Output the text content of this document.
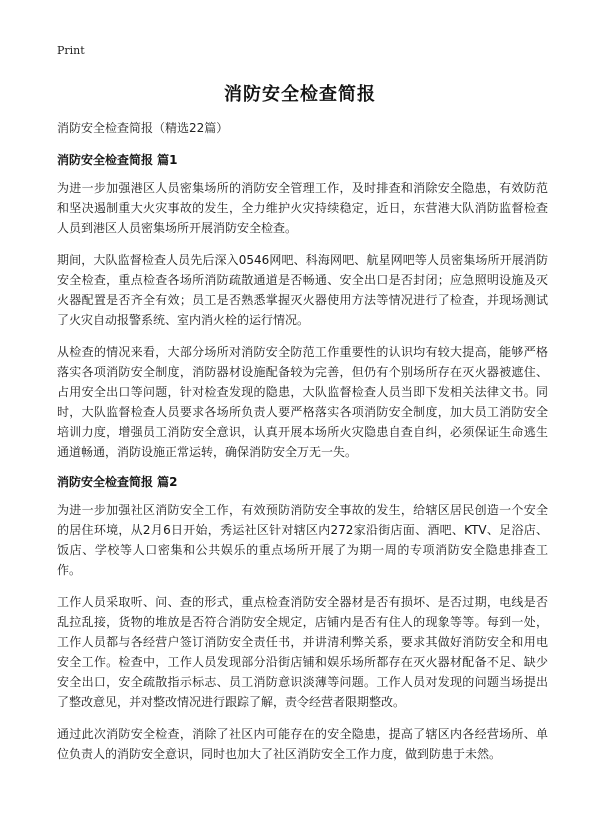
Print
消防安全检查简报

消防安全检查简报（精选22篇）

消防安全检查简报 篇1

为进一步加强港区人员密集场所的消防安全管理工作，及时排查和消除安全隐患，有效防范和坚决遏制重大火灾事故的发生，全力维护火灾持续稳定，近日，东营港大队消防监督检查人员到港区人员密集场所开展消防安全检查。

期间，大队监督检查人员先后深入0546网吧、科海网吧、航星网吧等人员密集场所开展消防安全检查，重点检查各场所消防疏散通道是否畅通、安全出口是否封闭；应急照明设施及灭火器配置是否齐全有效；员工是否熟悉掌握灭火器使用方法等情况进行了检查，并现场测试了火灾自动报警系统、室内消火栓的运行情况。

从检查的情况来看，大部分场所对消防安全防范工作重要性的认识均有较大提高，能够严格落实各项消防安全制度，消防器材设施配备较为完善，但仍有个别场所存在灭火器被遮住、占用安全出口等问题，针对检查发现的隐患，大队监督检查人员当即下发相关法律文书。同时，大队监督检查人员要求各场所负责人要严格落实各项消防安全制度，加大员工消防安全培训力度，增强员工消防安全意识，认真开展本场所火灾隐患自查自纠，必须保证生命逃生通道畅通，消防设施正常运转，确保消防安全万无一失。

消防安全检查简报 篇2

为进一步加强社区消防安全工作，有效预防消防安全事故的发生，给辖区居民创造一个安全的居住环境，从2月6日开始，秀运社区针对辖区内272家沿街店面、酒吧、KTV、足浴店、饭店、学校等人口密集和公共娱乐的重点场所开展了为期一周的专项消防安全隐患排查工作。

工作人员采取听、问、查的形式，重点检查消防安全器材是否有损坏、是否过期，电线是否乱拉乱接，货物的堆放是否符合消防安全规定，店铺内是否有住人的现象等等。每到一处，工作人员都与各经营户签订消防安全责任书，并讲清利弊关系，要求其做好消防安全和用电安全工作。检查中，工作人员发现部分沿街店铺和娱乐场所都存在灭火器材配备不足、缺少安全出口，安全疏散指示标志、员工消防意识淡薄等问题。工作人员对发现的问题当场提出了整改意见，并对整改情况进行跟踪了解，责令经营者限期整改。

通过此次消防安全检查，消除了社区内可能存在的安全隐患，提高了辖区内各经营场所、单位负责人的消防安全意识，同时也加大了社区消防安全工作力度，做到防患于未然。
